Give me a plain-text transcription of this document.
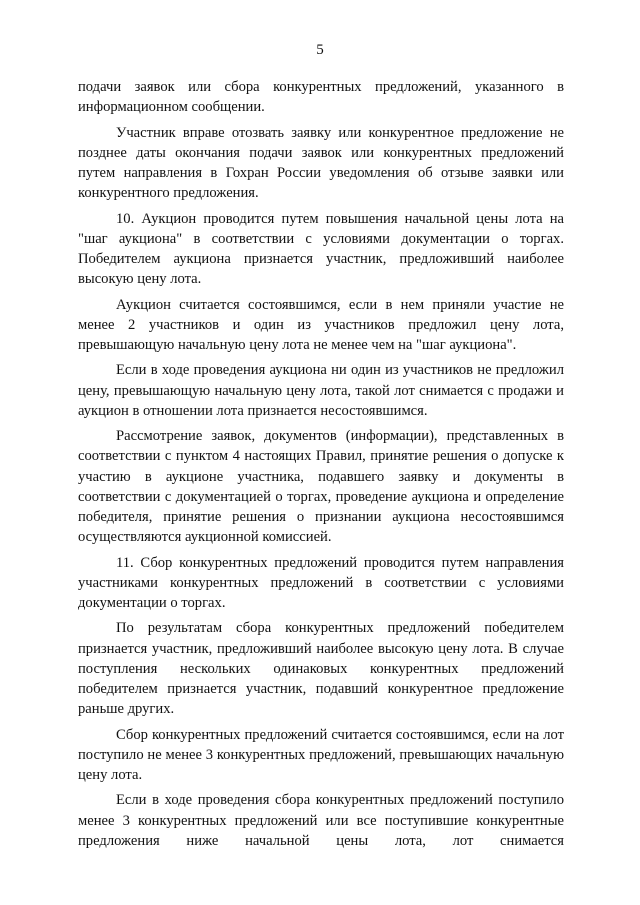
5

подачи заявок или сбора конкурентных предложений, указанного в информационном сообщении.

Участник вправе отозвать заявку или конкурентное предложение не позднее даты окончания подачи заявок или конкурентных предложений путем направления в Гохран России уведомления об отзыве заявки или конкурентного предложения.

10. Аукцион проводится путем повышения начальной цены лота на "шаг аукциона" в соответствии с условиями документации о торгах. Победителем аукциона признается участник, предложивший наиболее высокую цену лота.

Аукцион считается состоявшимся, если в нем приняли участие не менее 2 участников и один из участников предложил цену лота, превышающую начальную цену лота не менее чем на "шаг аукциона".

Если в ходе проведения аукциона ни один из участников не предложил цену, превышающую начальную цену лота, такой лот снимается с продажи и аукцион в отношении лота признается несостоявшимся.

Рассмотрение заявок, документов (информации), представленных в соответствии с пунктом 4 настоящих Правил, принятие решения о допуске к участию в аукционе участника, подавшего заявку и документы в соответствии с документацией о торгах, проведение аукциона и определение победителя, принятие решения о признании аукциона несостоявшимся осуществляются аукционной комиссией.

11. Сбор конкурентных предложений проводится путем направления участниками конкурентных предложений в соответствии с условиями документации о торгах.

По результатам сбора конкурентных предложений победителем признается участник, предложивший наиболее высокую цену лота. В случае поступления нескольких одинаковых конкурентных предложений победителем признается участник, подавший конкурентное предложение раньше других.

Сбор конкурентных предложений считается состоявшимся, если на лот поступило не менее 3 конкурентных предложений, превышающих начальную цену лота.

Если в ходе проведения сбора конкурентных предложений поступило менее 3 конкурентных предложений или все поступившие конкурентные предложения ниже начальной цены лота, лот снимается
